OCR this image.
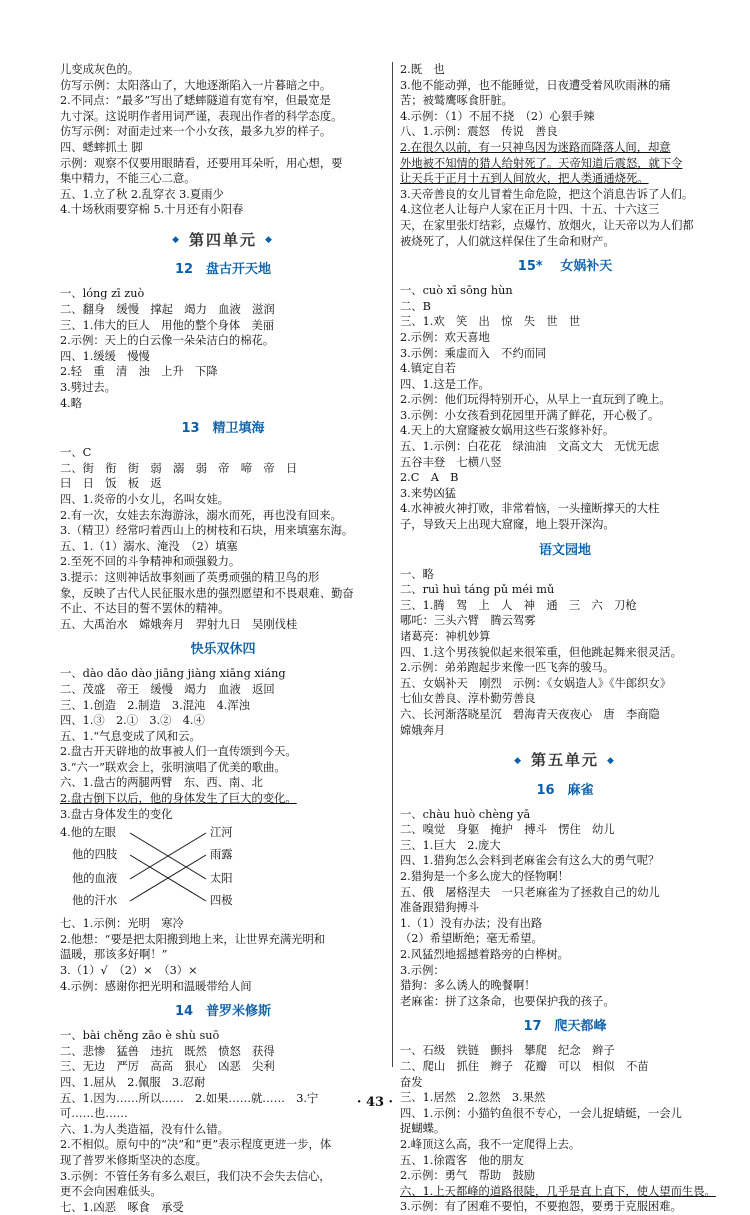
儿变成灰色的。
仿写示例：太阳落山了，大地逐渐陷入一片暮暗之中。
2.不同点：“最多”写出了蟋蟀隧道有宽有窄，但最宽是
九寸深。这说明作者用词严谨，表现出作者的科学态度。
仿写示例：对面走过来一个小女孩，最多九岁的样子。
四、蟋蟀抓土 脚
示例：观察不仅要用眼睛看，还要用耳朵听，用心想，要
集中精力，不能三心二意。
五、1.立了秋 2.乱穿衣 3.夏雨少
4.十场秋雨要穿棉 5.十月还有小阳春
◆ 第四单元 ◆
12　盘古开天地
一、lóng zī zuò
二、翻身　缓慢　撑起　竭力　血液　滋润
三、1.伟大的巨人　用他的整个身体　美丽
2.示例：天上的白云像一朵朵洁白的棉花。
四、1.缓缓　慢慢
2.轻　重　清　浊　上升　下降
3.劈过去。
4.略
13　精卫填海
一、C
二、街　衔　街　弱　溺　弱　帝　啼　帝　日
曰　日　饭　板　返
四、1.炎帝的小女儿，名叫女娃。
2.有一次，女娃去东海游泳，溺水而死，再也没有回来。
3.（精卫）经常叼着西山上的树枝和石块，用来填塞东海。
五、1.（1）溺水、淹没　（2）填塞
2.至死不回的斗争精神和顽强毅力。
3.提示：这则神话故事刻画了英勇顽强的精卫鸟的形
象，反映了古代人民征服水患的强烈愿望和不畏艰难、勤奋
不止、不达目的誓不罢休的精神。
五、大禹治水　嫦娥奔月　羿射九日　吴刚伐桂
快乐双休四
一、dào dǎo dào jiāng jiàng xiāng xiáng
二、茂盛　帝王　缓慢　竭力　血液　返回
三、1.创造　2.制造　3.混沌　4.浑浊
四、1.③　2.①　3.②　4.④
五、1.“气息变成了风和云。
2.盘古开天辟地的故事被人们一直传颂到今天。
3.“六一”联欢会上，张明演唱了优美的歌曲。
六、1.盘古的两腿两臂　东、西、南、北
2.盘古倒下以后，他的身体发生了巨大的变化。
3.盘古身体发生的变化
4.他的左眼
他的四肢
他的血液
他的汗水
江河
雨露
太阳
四极
七、1.示例：光明　寒冷
2.他想：“要是把太阳搬到地上来，让世界充满光明和
温暖，那该多好啊！”
3.（1）√　（2）×　（3）×
4.示例：感谢你把光明和温暖带给人间
14　普罗米修斯
一、bài chěng zāo è shù suō
二、悲惨　猛兽　违抗　既然　愤怒　获得
三、无边　严厉　高高　狠心　凶恶　尖利
四、1.屈从　2.佩服　3.忍耐
五、1.因为……所以……　2.如果……就……　3.宁
可……也……
六、1.为人类造福，没有什么错。
2.不相似。原句中的“决”和“更”表示程度更进一步，体
现了普罗米修斯坚决的态度。
3.示例：不管任务有多么艰巨，我们决不会失去信心，
更不会向困难低头。
七、1.凶恶　啄食　承受
2.既　也
3.他不能动弹，也不能睡觉，日夜遭受着风吹雨淋的痛
苦；被鹫鹰啄食肝脏。
4.示例：（1）不屈不挠　（2）心狠手辣
八、1.示例：震怒　传说　善良
2.在很久以前，有一只神鸟因为迷路而降落人间，却意
外地被不知情的猎人给射死了。天帝知道后震怒，就下令
让天兵于正月十五到人间放火，把人类通通烧死。
3.天帝善良的女儿冒着生命危险，把这个消息告诉了人们。
4.这位老人让每户人家在正月十四、十五、十六这三
天，在家里张灯结彩，点爆竹、放烟火，让天帝以为人们都
被烧死了，人们就这样保住了生命和财产。
15* 　女娲补天
一、cuò xī sōng hùn
二、B
三、1.欢　笑　出　惊　失　世　世
2.示例：欢天喜地
3.示例：乘虚而入　不约而同
4.镇定自若
四、1.这是工作。
2.示例：他们玩得特别开心，从早上一直玩到了晚上。
3.示例：小女孩看到花园里开满了鲜花，开心极了。
4.天上的大窟窿被女娲用这些石浆修补好。
五、1.示例：白花花　绿油油　文高文大　无忧无虑
五谷丰登　七横八竖
2.C　A　B
3.来势凶猛
4.水神被火神打败，非常着恼，一头撞断撑天的大柱
子，导致天上出现大窟窿，地上裂开深沟。
语文园地
一、略
二、ruì huì táng pǔ méi mǔ
三、1.腾　驾　上　人　神　通　三　六　刀枪
哪吒：三头六臂　腾云驾雾
诸葛亮：神机妙算
四、1.这个男孩貌似起来很笨重，但他跳起舞来很灵活。
2.示例：弟弟跑起步来像一匹飞奔的骏马。
五、女娲补天　刚烈　示例：《女娲造人》《牛郎织女》
七仙女善良、淳朴勤劳善良
六、长河渐落晓星沉　碧海青天夜夜心　唐　李商隐
嫦娥奔月
◆ 第五单元 ◆
16　麻雀
一、chàu huò chèng yā
二、嗅觉　身躯　掩护　搏斗　愣住　幼儿
三、1.巨大　2.庞大
四、1.猎狗怎么会料到老麻雀会有这么大的勇气呢？
2.猎狗是一个多么庞大的怪物啊！
五、俄　屠格涅夫　一只老麻雀为了拯救自己的幼儿
准备跟猎狗搏斗
1.（1）没有办法；没有出路
（2）希望断绝；毫无希望。
2.风猛烈地摇撼着路旁的白桦树。
3.示例：
猎狗：多么诱人的晚餐啊！
老麻雀：拼了这条命，也要保护我的孩子。
17　爬天都峰
一、石级　铁链　颤抖　攀爬　纪念　辫子
二、爬山　抓住　辫子　花瓣　可以　相似　不苗
奋发
三、1.居然　2.忽然　3.果然
四、1.示例：小猫钓鱼很不专心，一会儿捉蜻蜓，一会儿
捉蝴蝶。
2.峰顶这么高，我不一定爬得上去。
五、1.徐霞客　他的朋友
2.示例：勇气　帮助　鼓励
六、1.上天都峰的道路很陡，几乎是直上直下，使人望而生畏。
3.示例：有了困难不要怕，不要抱怨，要勇于克服困难。
· 43 ·
